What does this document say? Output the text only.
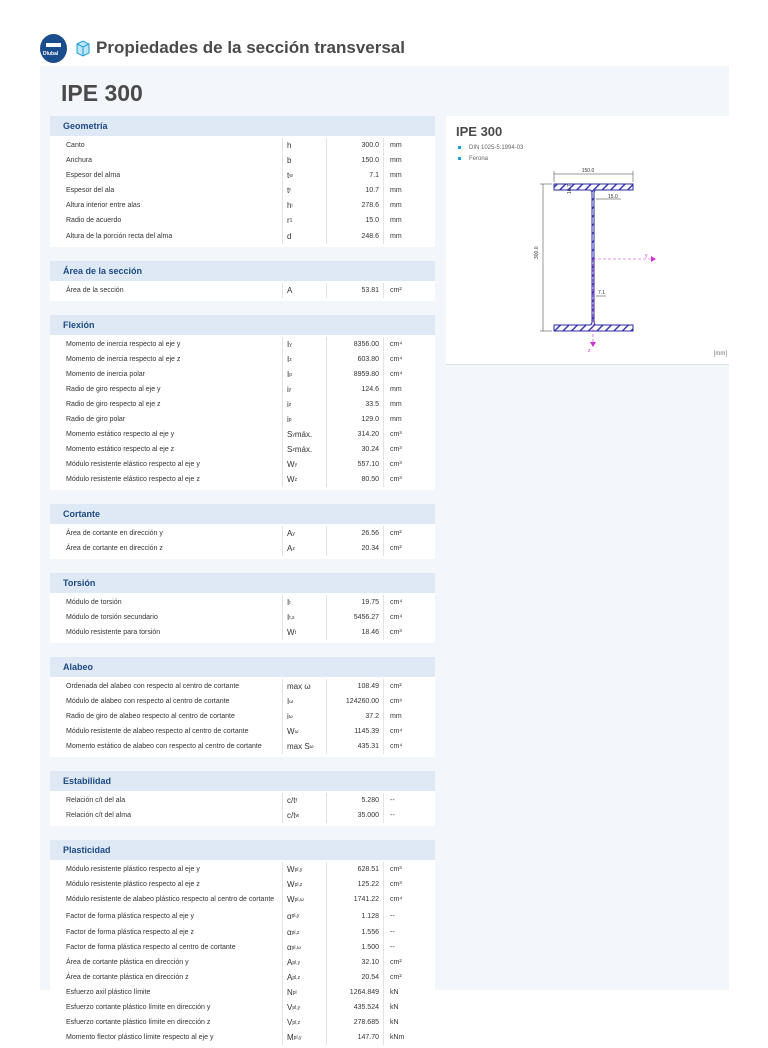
Dlubal Propiedades de la sección transversal
IPE 300
Geometría
Canto	h	300.0	mm
Anchura	b	150.0	mm
Espesor del alma	t w	7.1	mm
Espesor del ala	t f	10.7	mm
Altura interior entre alas	h i	278.6	mm
Radio de acuerdo	r 1	15.0	mm
Altura de la porción recta del alma	d	248.6	mm
Área de la sección
Área de la sección	A	53.81	cm²
Flexión
Momento de inercia respecto al eje y	I y	8356.00	cm⁴
Momento de inercia respecto al eje z	I z	603.80	cm⁴
Momento de inercia polar	I p	8959.80	cm⁴
Radio de giro respecto al eje y	i y	124.6	mm
Radio de giro respecto al eje z	i z	33.5	mm
Radio de giro polar	i p	129.0	mm
Momento estático respecto al eje y	S y máx.	314.20	cm³
Momento estático respecto al eje z	S z máx.	30.24	cm³
Módulo resistente elástico respecto al eje y	W y	557.10	cm³
Módulo resistente elástico respecto al eje z	W z	80.50	cm³
Cortante
Área de cortante en dirección y	A y	26.56	cm²
Área de cortante en dirección z	A z	20.34	cm²
Torsión
Módulo de torsión	I t	19.75	cm⁴
Módulo de torsión secundario	I t,s	5456.27	cm⁴
Módulo resistente para torsión	W t	18.46	cm³
Alabeo
Ordenada del alabeo con respecto al centro de cortante	max ω	108.49	cm²
Módulo de alabeo con respecto al centro de cortante	I ω	124260.00	cm⁶
Radio de giro de alabeo respecto al centro de cortante	i ω	37.2	mm
Módulo resistente de alabeo respecto al centro de cortante	W ω	1145.39	cm⁴
Momento estático de alabeo con respecto al centro de cortante	max S ω	435.31	cm⁴
Estabilidad
Relación c/t del ala	c/t f	5.280	--
Relación c/t del alma	c/t w	35.000	--
Plasticidad
Módulo resistente plástico respecto al eje y	W pl,y	628.51	cm³
Módulo resistente plástico respecto al eje z	W pl,z	125.22	cm³
Módulo resistente de alabeo plástico respecto al centro de cortante	W pl,ω	1741.22	cm⁴
Factor de forma plástica respecto al eje y	α pl,y	1.128	--
Factor de forma plástica respecto al eje z	α pl,z	1.556	--
Factor de forma plástica respecto al centro de cortante	α pl,ω	1.500	--
Área de cortante plástica en dirección y	A pl,y	32.10	cm²
Área de cortante plástica en dirección z	A pl,z	20.54	cm²
Esfuerzo axil plástico límite	N pl	1264.849	kN
Esfuerzo cortante plástico límite en dirección y	V pl,y	435.524	kN
Esfuerzo cortante plástico límite en dirección z	V pl,z	278.685	kN
Momento flector plástico límite respecto al eje y	M pl,y	147.70	kNm
IPE 300
DIN 1025-5:1994-03
Ferona
150.0
300.0
10.7
15.0
7.1
y
z	[mm]
